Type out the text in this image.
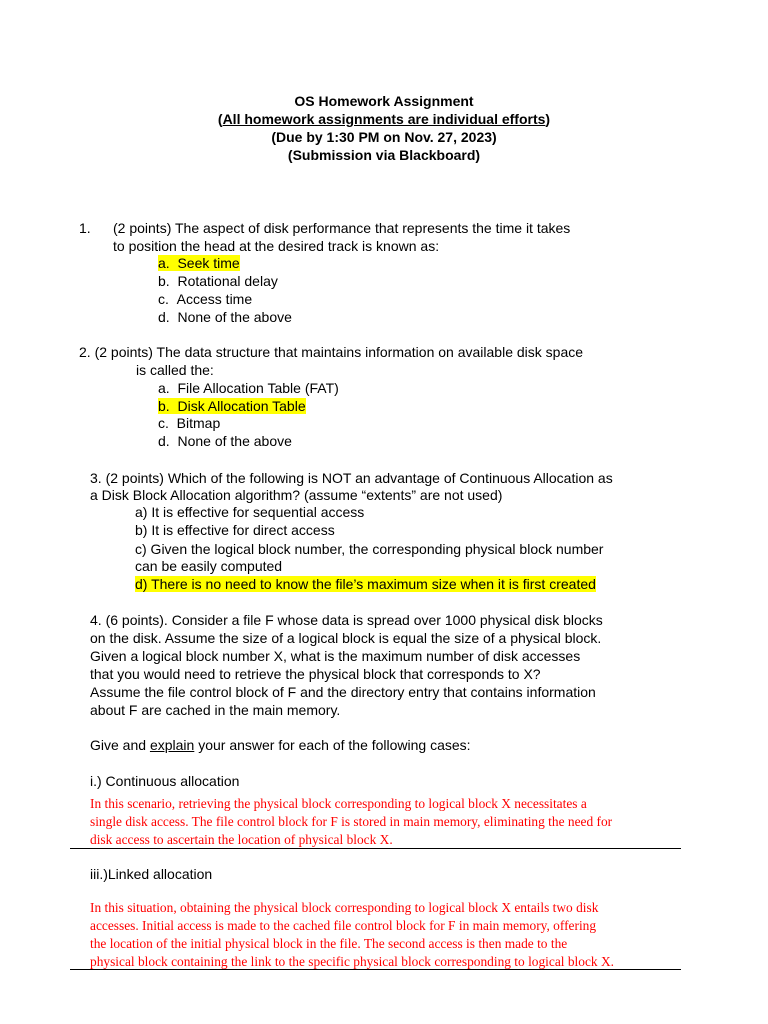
OS Homework Assignment
(All homework assignments are individual efforts)
(Due by 1:30 PM on Nov. 27, 2023)
(Submission via Blackboard)
1. (2 points) The aspect of disk performance that represents the time it takes
to position the head at the desired track is known as:
a. Seek time
b. Rotational delay
c. Access time
d. None of the above
2. (2 points) The data structure that maintains information on available disk space
is called the:
a. File Allocation Table (FAT)
b. Disk Allocation Table
c. Bitmap
d. None of the above
3. (2 points) Which of the following is NOT an advantage of Continuous Allocation as
a Disk Block Allocation algorithm? (assume “extents” are not used)
a) It is effective for sequential access
b) It is effective for direct access
c) Given the logical block number, the corresponding physical block number
can be easily computed
d) There is no need to know the file’s maximum size when it is first created
4. (6 points). Consider a file F whose data is spread over 1000 physical disk blocks
on the disk. Assume the size of a logical block is equal the size of a physical block.
Given a logical block number X, what is the maximum number of disk accesses
that you would need to retrieve the physical block that corresponds to X?
Assume the file control block of F and the directory entry that contains information
about F are cached in the main memory.
Give and explain your answer for each of the following cases:
i.) Continuous allocation
In this scenario, retrieving the physical block corresponding to logical block X necessitates a
single disk access. The file control block for F is stored in main memory, eliminating the need for
disk access to ascertain the location of physical block X.
iii.)Linked allocation
In this situation, obtaining the physical block corresponding to logical block X entails two disk
accesses. Initial access is made to the cached file control block for F in main memory, offering
the location of the initial physical block in the file. The second access is then made to the
physical block containing the link to the specific physical block corresponding to logical block X.
